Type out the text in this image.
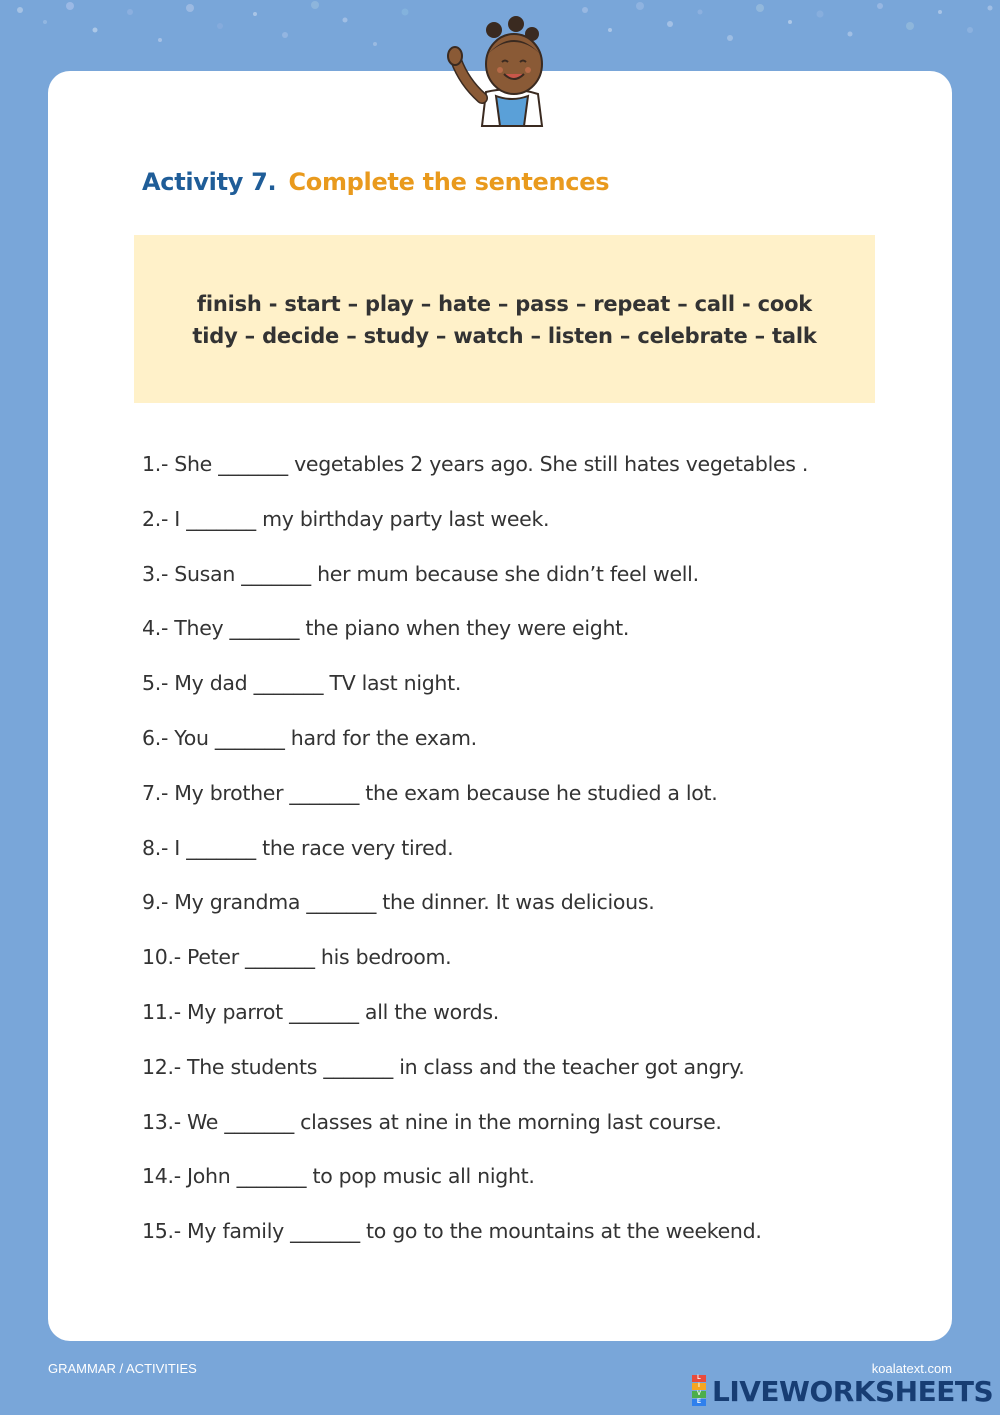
Activity 7. Complete the sentences
finish - start – play – hate – pass – repeat – call - cook
tidy – decide – study – watch – listen – celebrate – talk
1.- She _______ vegetables 2 years ago. She still hates vegetables .
2.- I _______ my birthday party last week.
3.- Susan _______ her mum because she didn’t feel well.
4.- They _______ the piano when they were eight.
5.- My dad _______ TV last night.
6.- You _______ hard for the exam.
7.- My brother _______ the exam because he studied a lot.
8.- I _______ the race very tired.
9.- My grandma _______ the dinner. It was delicious.
10.- Peter _______ his bedroom.
11.- My parrot _______ all the words.
12.- The students _______ in class and the teacher got angry.
13.- We _______ classes at nine in the morning last course.
14.- John _______ to pop music all night.
15.- My family _______ to go to the mountains at the weekend.
GRAMMAR / ACTIVITIES	koalatext.com
L
I
V
E LIVEWORKSHEETS
